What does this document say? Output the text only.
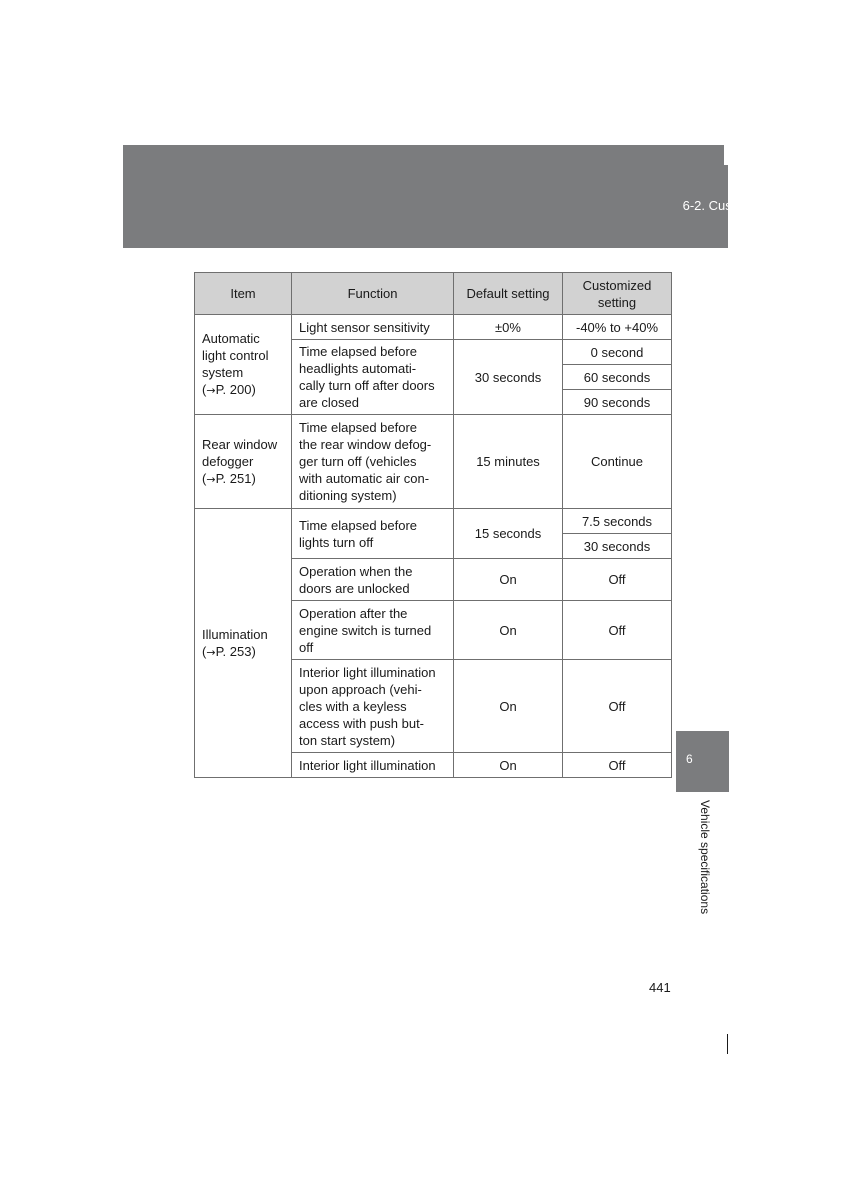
6-2. Customization
Item	Function	Default setting	Customized setting

Automatic
light control
system
(→P. 200)	Light sensor sensitivity	±0%	-40% to +40%

	Time elapsed before
headlights automati-
cally turn off after doors
are closed	30 seconds	0 second
			60 seconds
			90 seconds

Rear window
defogger
(→P. 251)	Time elapsed before
the rear window defog-
ger turn off (vehicles
with automatic air con-
ditioning system)	15 minutes	Continue

Illumination
(→P. 253)	Time elapsed before
lights turn off	15 seconds	7.5 seconds
			30 seconds

	Operation when the
doors are unlocked	On	Off

	Operation after the
engine switch is turned
off	On	Off

	Interior light illumination
upon approach (vehi-
cles with a keyless
access with push but-
ton start system)	On	Off

	Interior light illumination	On	Off	6
Vehicle specifications
441
